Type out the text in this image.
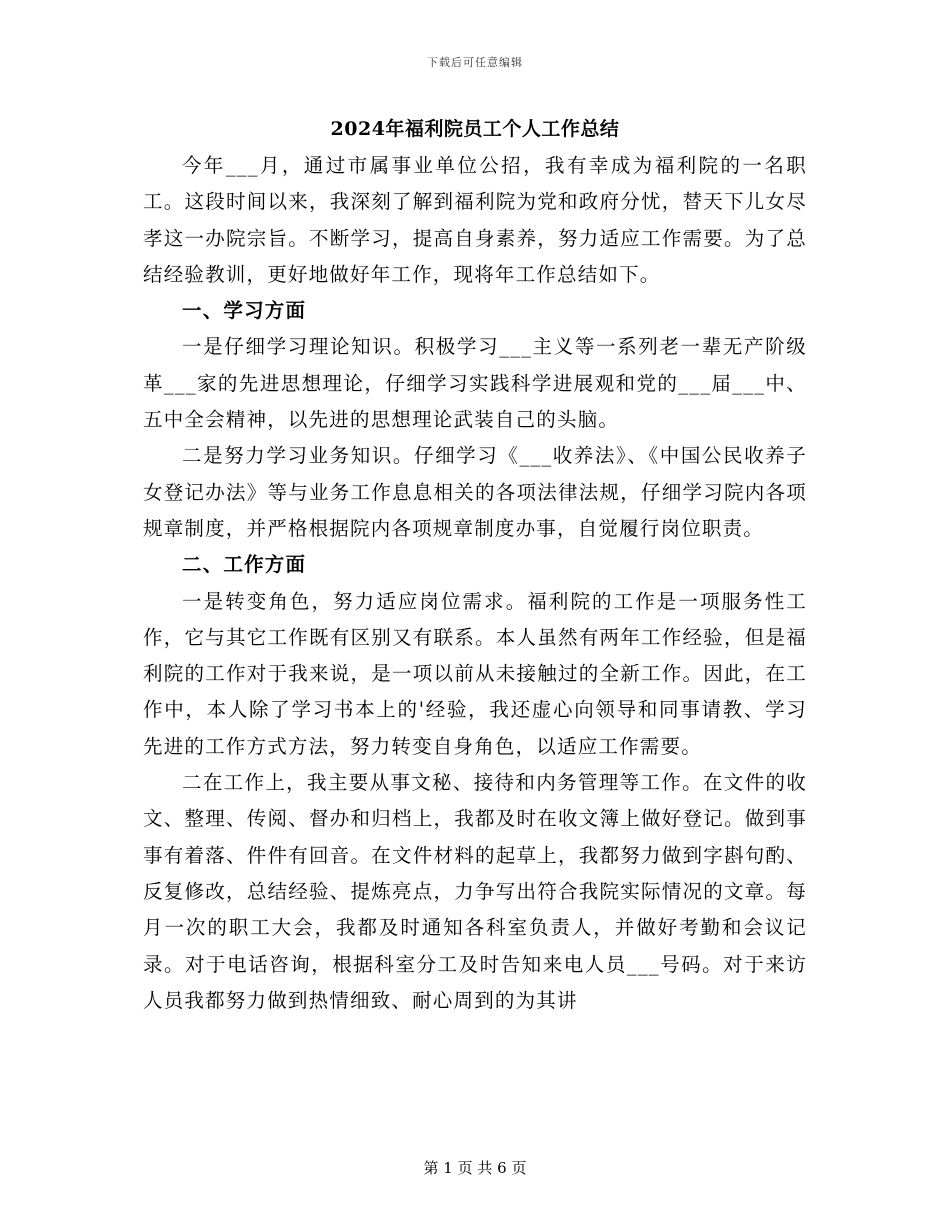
下载后可任意编辑
2024年福利院员工个人工作总结

今年___月，通过市属事业单位公招，我有幸成为福利院的一名职工。这段时间以来，我深刻了解到福利院为党和政府分忧，替天下儿女尽孝这一办院宗旨。不断学习，提高自身素养，努力适应工作需要。为了总结经验教训，更好地做好年工作，现将年工作总结如下。

一、学习方面

一是仔细学习理论知识。积极学习___主义等一系列老一辈无产阶级革___家的先进思想理论，仔细学习实践科学进展观和党的___届___中、五中全会精神，以先进的思想理论武装自己的头脑。

二是努力学习业务知识。仔细学习《___收养法》、《中国公民收养子女登记办法》等与业务工作息息相关的各项法律法规，仔细学习院内各项规章制度，并严格根据院内各项规章制度办事，自觉履行岗位职责。

二、工作方面

一是转变角色，努力适应岗位需求。福利院的工作是一项服务性工作，它与其它工作既有区别又有联系。本人虽然有两年工作经验，但是福利院的工作对于我来说，是一项以前从未接触过的全新工作。因此，在工作中，本人除了学习书本上的'经验，我还虚心向领导和同事请教、学习先进的工作方式方法，努力转变自身角色，以适应工作需要。

二在工作上，我主要从事文秘、接待和内务管理等工作。在文件的收文、整理、传阅、督办和归档上，我都及时在收文簿上做好登记。做到事事有着落、件件有回音。在文件材料的起草上，我都努力做到字斟句酌、反复修改，总结经验、提炼亮点，力争写出符合我院实际情况的文章。每月一次的职工大会，我都及时通知各科室负责人，并做好考勤和会议记录。对于电话咨询，根据科室分工及时告知来电人员___号码。对于来访人员我都努力做到热情细致、耐心周到的为其讲

第 1 页 共 6 页
